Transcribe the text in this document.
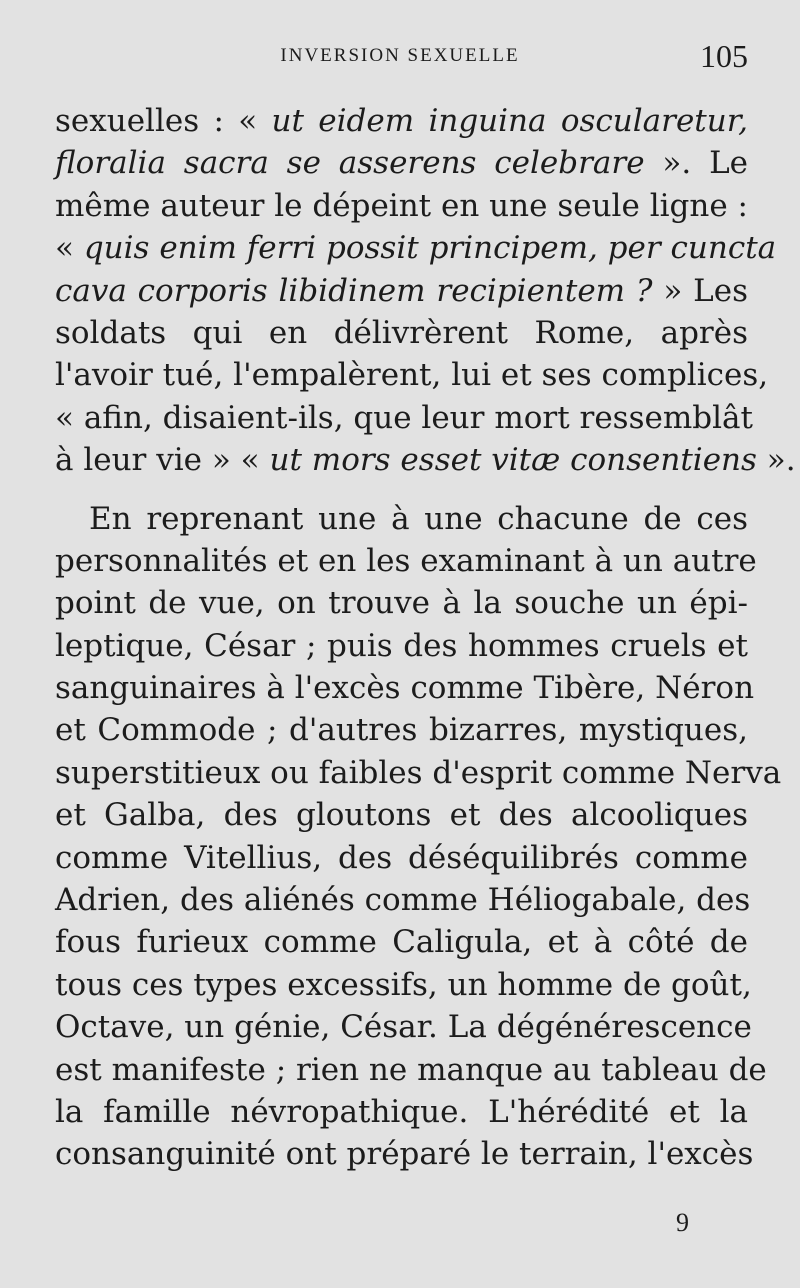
INVERSION SEXUELLE	105
sexuelles : « ut eidem inguina oscularetur,
floralia sacra se asserens celebrare ». Le
même auteur le dépeint en une seule ligne :
« quis enim ferri possit principem, per cuncta
cava corporis libidinem recipientem ? » Les
soldats qui en délivrèrent Rome, après
l'avoir tué, l'empalèrent, lui et ses complices,
« afin, disaient-ils, que leur mort ressemblât
à leur vie » « ut mors esset vitæ consentiens ».
En reprenant une à une chacune de ces
personnalités et en les examinant à un autre
point de vue, on trouve à la souche un épi-
leptique, César ; puis des hommes cruels et
sanguinaires à l'excès comme Tibère, Néron
et Commode ; d'autres bizarres, mystiques,
superstitieux ou faibles d'esprit comme Nerva
et Galba, des gloutons et des alcooliques
comme Vitellius, des déséquilibrés comme
Adrien, des aliénés comme Héliogabale, des
fous furieux comme Caligula, et à côté de
tous ces types excessifs, un homme de goût,
Octave, un génie, César. La dégénérescence
est manifeste ; rien ne manque au tableau de
la famille névropathique. L'hérédité et la
consanguinité ont préparé le terrain, l'excès
9
